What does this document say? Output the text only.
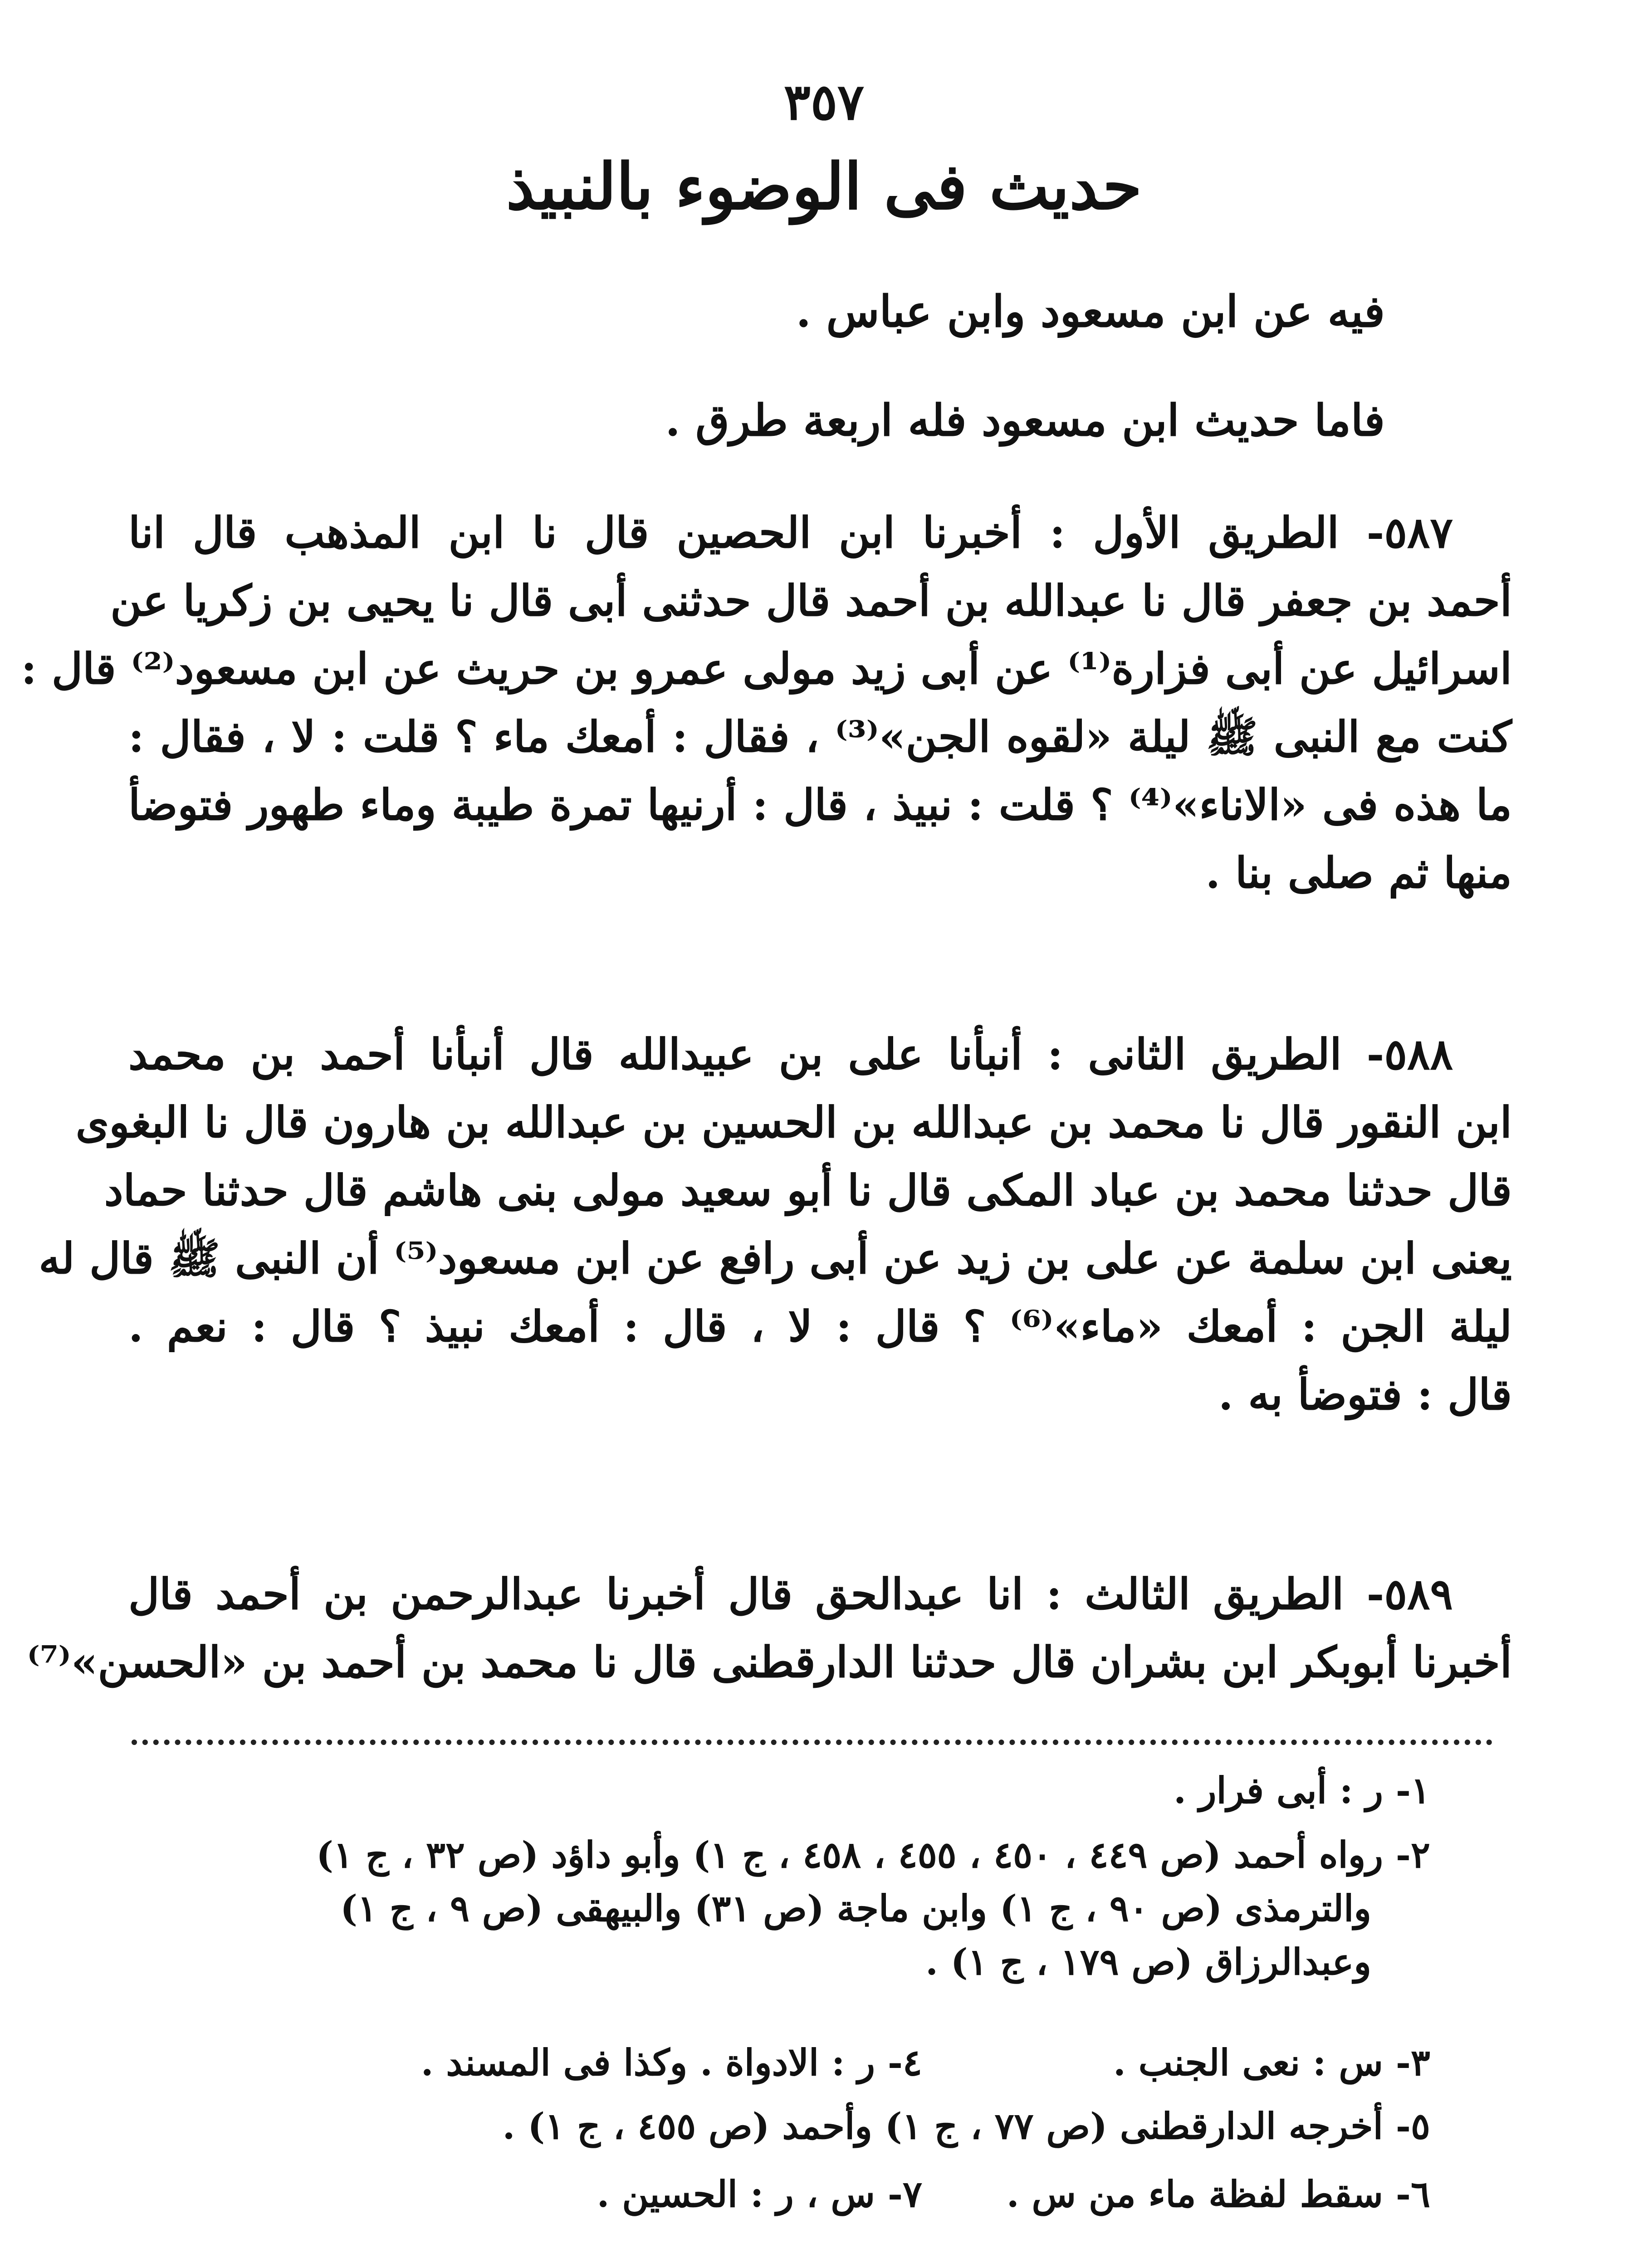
٣٥٧
حديث فى الوضوء بالنبيذ
فيه عن ابن مسعود وابن عباس .
فاما حديث ابن مسعود فله اربعة طرق .
٥٨٧- الطريق الأول : أخبرنا ابن الحصين قال نا ابن المذهب قال انا
أحمد بن جعفر قال نا عبدالله بن أحمد قال حدثنى أبى قال نا يحيى بن زكريا عن
اسرائيل عن أبى فزارة⁽¹⁾ عن أبى زيد مولى عمرو بن حريث عن ابن مسعود⁽²⁾ قال :
كنت مع النبى ﷺ ليلة «لقوه الجن»⁽³⁾ ، فقال : أمعك ماء ؟ قلت : لا ، فقال :
ما هذه فى «الاناء»⁽⁴⁾ ؟ قلت : نبيذ ، قال : أرنيها تمرة طيبة وماء طهور فتوضأ
منها ثم صلى بنا .
٥٨٨- الطريق الثانى : أنبأنا على بن عبيدالله قال أنبأنا أحمد بن محمد
ابن النقور قال نا محمد بن عبدالله بن الحسين بن عبدالله بن هارون قال نا البغوى
قال حدثنا محمد بن عباد المكى قال نا أبو سعيد مولى بنى هاشم قال حدثنا حماد
يعنى ابن سلمة عن على بن زيد عن أبى رافع عن ابن مسعود⁽⁵⁾ أن النبى ﷺ قال له
ليلة الجن : أمعك «ماء»⁽⁶⁾ ؟ قال : لا ، قال : أمعك نبيذ ؟ قال : نعم .
قال : فتوضأ به .
٥٨٩- الطريق الثالث : انا عبدالحق قال أخبرنا عبدالرحمن بن أحمد قال
أخبرنا أبوبكر ابن بشران قال حدثنا الدارقطنى قال نا محمد بن أحمد بن «الحسن»⁽⁷⁾
١- ر : أبى فرار .
٢- رواه أحمد (ص ٤٤٩ ، ٤٥٠ ، ٤٥٥ ، ٤٥٨ ، ج ١) وأبو داؤد (ص ٣٢ ، ج ١)
والترمذى (ص ٩٠ ، ج ١) وابن ماجة (ص ٣١) والبيهقى (ص ٩ ، ج ١)
وعبدالرزاق (ص ١٧٩ ، ج ١) .
٣- س : نعى الجنب .
٤- ر : الادواة . وكذا فى المسند .
٥- أخرجه الدارقطنى (ص ٧٧ ، ج ١) وأحمد (ص ٤٥٥ ، ج ١) .
٦- سقط لفظة ماء من س .
٧- س ، ر : الحسين .
